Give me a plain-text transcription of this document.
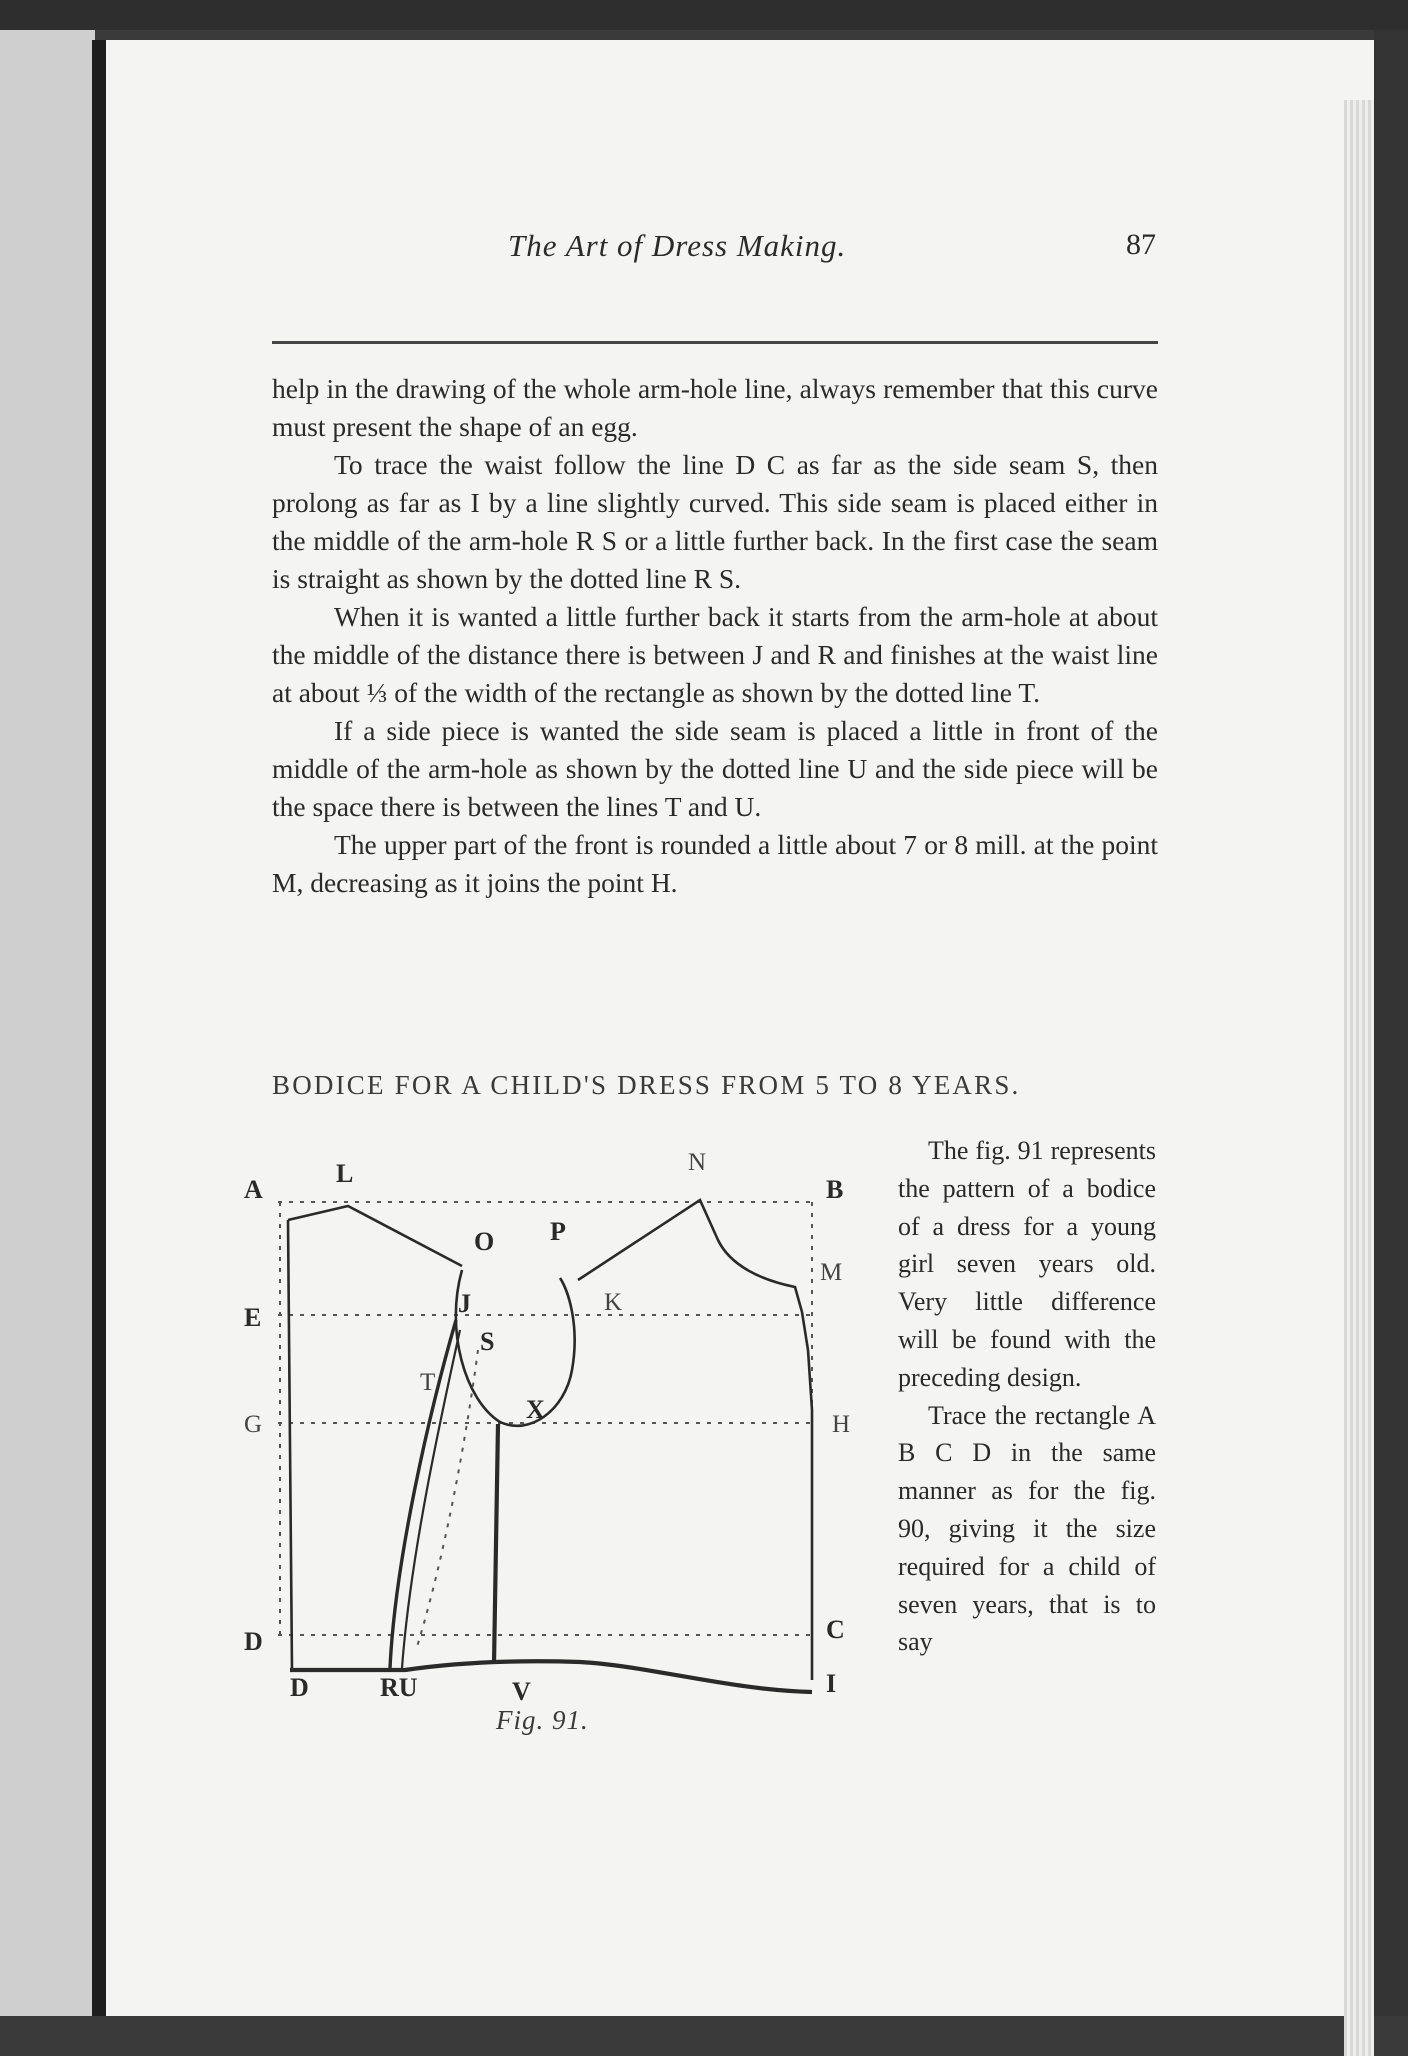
The Art of Dress Making.	87

help in the drawing of the whole arm-hole line, always remember that this curve must present the shape of an egg.

To trace the waist follow the line D C as far as the side seam S, then prolong as far as I by a line slightly curved. This side seam is placed either in the middle of the arm-hole R S or a little further back. In the first case the seam is straight as shown by the dotted line R S.

When it is wanted a little further back it starts from the arm-hole at about the middle of the distance there is between J and R and finishes at the waist line at about ⅓ of the width of the rectangle as shown by the dotted line T.

If a side piece is wanted the side seam is placed a little in front of the middle of the arm-hole as shown by the dotted line U and the side piece will be the space there is between the lines T and U.

The upper part of the front is rounded a little about 7 or 8 mill. at the point M, decreasing as it joins the point H.

BODICE FOR A CHILD'S DRESS FROM 5 TO 8 YEARS.
A
L	N
B
O P
M
E	J	K
S
T
G
X
H
D
D	RU	V
C
I
Fig. 91.

The fig. 91 represents the pattern of a bodice of a dress for a young girl seven years old. Very little difference will be found with the preceding design.

Trace the rectangle A B C D in the same manner as for the fig. 90, giving it the size required for a child of seven years, that is to say
